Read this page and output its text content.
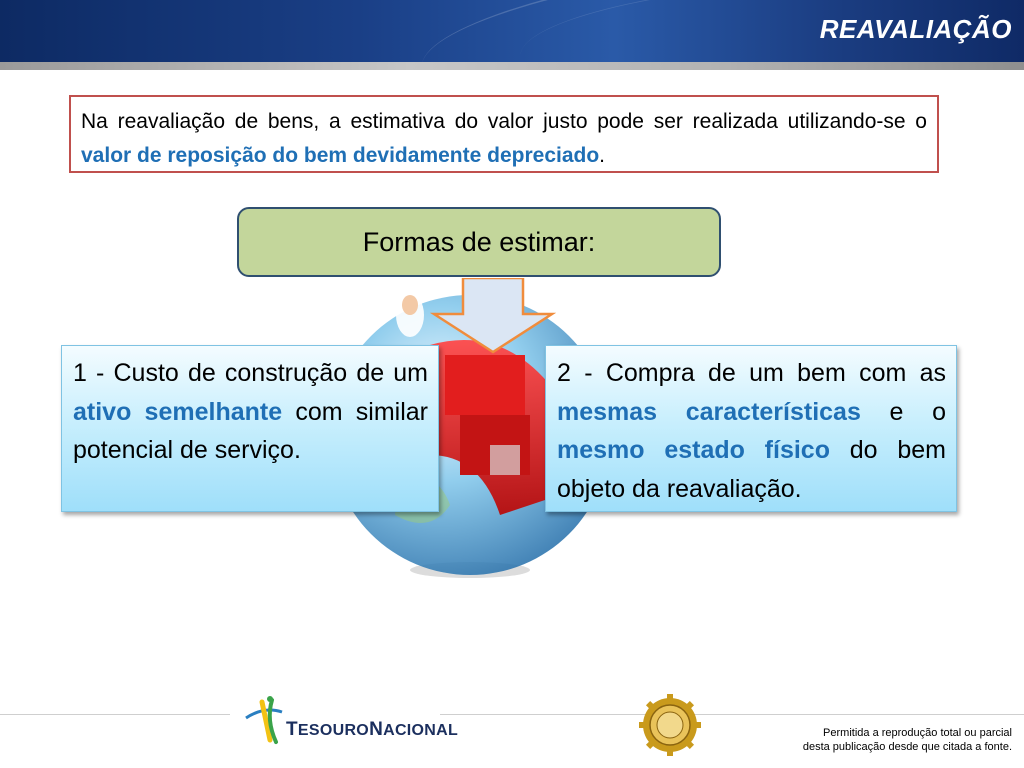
REAVALIAÇÃO

Na reavaliação de bens, a estimativa do valor justo pode ser realizada utilizando-se o valor de reposição do bem devidamente depreciado.

Formas de estimar:

1 - Custo de construção de um ativo semelhante com similar potencial de serviço.

2 - Compra de um bem com as mesmas características e o mesmo estado físico do bem objeto da reavaliação.

TESOURONACIONAL	Permitida a reprodução total ou parcial
desta publicação desde que citada a fonte.
